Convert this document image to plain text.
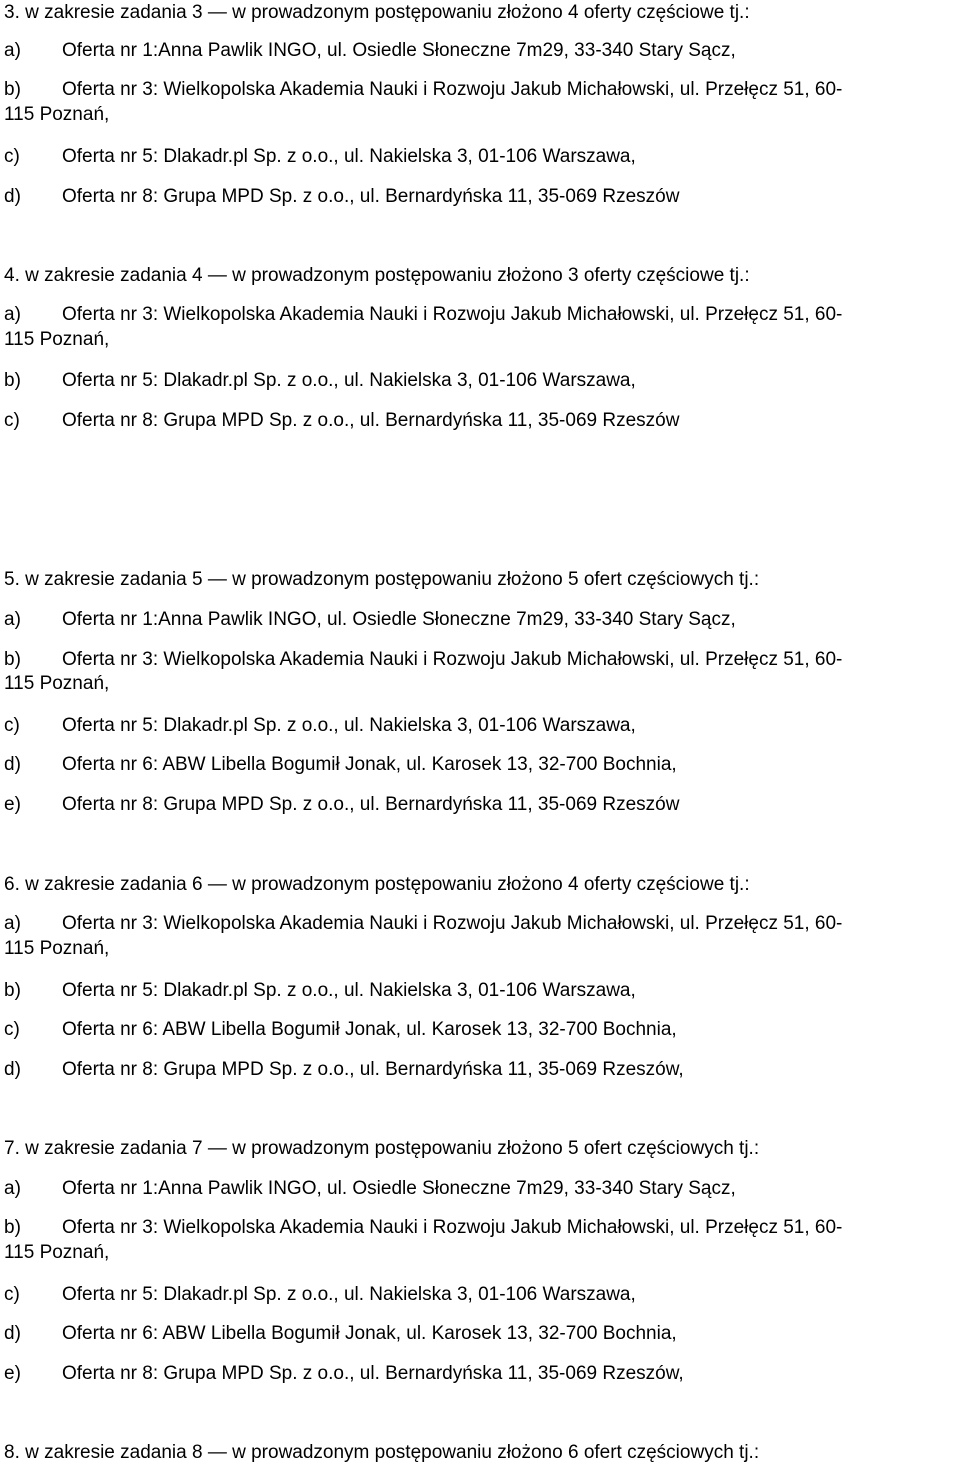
3. w zakresie zadania 3 — w prowadzonym postępowaniu złożono 4 oferty częściowe tj.:
a) Oferta nr 1:Anna Pawlik INGO, ul. Osiedle Słoneczne 7m29, 33-340 Stary Sącz,
b) Oferta nr 3: Wielkopolska Akademia Nauki i Rozwoju Jakub Michałowski, ul. Przełęcz 51, 60-
115 Poznań,
c) Oferta nr 5: Dlakadr.pl Sp. z o.o., ul. Nakielska 3, 01-106 Warszawa,
d) Oferta nr 8: Grupa MPD Sp. z o.o., ul. Bernardyńska 11, 35-069 Rzeszów
4. w zakresie zadania 4 — w prowadzonym postępowaniu złożono 3 oferty częściowe tj.:
a) Oferta nr 3: Wielkopolska Akademia Nauki i Rozwoju Jakub Michałowski, ul. Przełęcz 51, 60-
115 Poznań,
b) Oferta nr 5: Dlakadr.pl Sp. z o.o., ul. Nakielska 3, 01-106 Warszawa,
c) Oferta nr 8: Grupa MPD Sp. z o.o., ul. Bernardyńska 11, 35-069 Rzeszów
5. w zakresie zadania 5 — w prowadzonym postępowaniu złożono 5 ofert częściowych tj.:
a) Oferta nr 1:Anna Pawlik INGO, ul. Osiedle Słoneczne 7m29, 33-340 Stary Sącz,
b) Oferta nr 3: Wielkopolska Akademia Nauki i Rozwoju Jakub Michałowski, ul. Przełęcz 51, 60-
115 Poznań,
c) Oferta nr 5: Dlakadr.pl Sp. z o.o., ul. Nakielska 3, 01-106 Warszawa,
d) Oferta nr 6: ABW Libella Bogumił Jonak, ul. Karosek 13, 32-700 Bochnia,
e) Oferta nr 8: Grupa MPD Sp. z o.o., ul. Bernardyńska 11, 35-069 Rzeszów
6. w zakresie zadania 6 — w prowadzonym postępowaniu złożono 4 oferty częściowe tj.:
a) Oferta nr 3: Wielkopolska Akademia Nauki i Rozwoju Jakub Michałowski, ul. Przełęcz 51, 60-
115 Poznań,
b) Oferta nr 5: Dlakadr.pl Sp. z o.o., ul. Nakielska 3, 01-106 Warszawa,
c) Oferta nr 6: ABW Libella Bogumił Jonak, ul. Karosek 13, 32-700 Bochnia,
d) Oferta nr 8: Grupa MPD Sp. z o.o., ul. Bernardyńska 11, 35-069 Rzeszów,
7. w zakresie zadania 7 — w prowadzonym postępowaniu złożono 5 ofert częściowych tj.:
a) Oferta nr 1:Anna Pawlik INGO, ul. Osiedle Słoneczne 7m29, 33-340 Stary Sącz,
b) Oferta nr 3: Wielkopolska Akademia Nauki i Rozwoju Jakub Michałowski, ul. Przełęcz 51, 60-
115 Poznań,
c) Oferta nr 5: Dlakadr.pl Sp. z o.o., ul. Nakielska 3, 01-106 Warszawa,
d) Oferta nr 6: ABW Libella Bogumił Jonak, ul. Karosek 13, 32-700 Bochnia,
e) Oferta nr 8: Grupa MPD Sp. z o.o., ul. Bernardyńska 11, 35-069 Rzeszów,
8. w zakresie zadania 8 — w prowadzonym postępowaniu złożono 6 ofert częściowych tj.:
